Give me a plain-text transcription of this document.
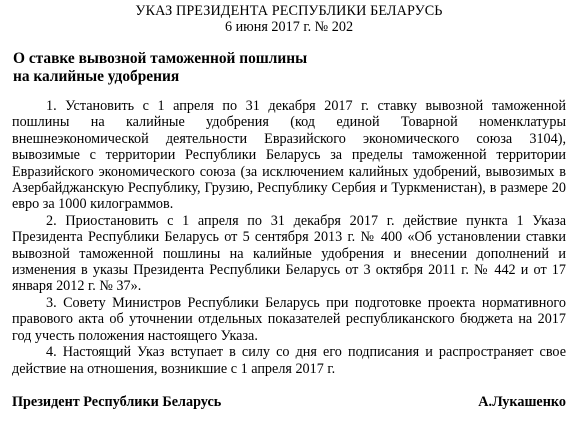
УКАЗ ПРЕЗИДЕНТА РЕСПУБЛИКИ БЕЛАРУСЬ
6 июня 2017 г. № 202
О ставке вывозной таможенной пошлины
на калийные удобрения

1. Установить с 1 апреля по 31 декабря 2017 г. ставку вывозной таможенной пошлины на калийные удобрения (код единой Товарной номенклатуры внешнеэкономической деятельности Евразийского экономического союза 3104), вывозимые с территории Республики Беларусь за пределы таможенной территории Евразийского экономического союза (за исключением калийных удобрений, вывозимых в Азербайджанскую Республику, Грузию, Республику Сербия и Туркменистан), в размере 20 евро за 1000 килограммов.

2. Приостановить с 1 апреля по 31 декабря 2017 г. действие пункта 1 Указа Президента Республики Беларусь от 5 сентября 2013 г. № 400 «Об установлении ставки вывозной таможенной пошлины на калийные удобрения и внесении дополнений и изменения в указы Президента Республики Беларусь от 3 октября 2011 г. № 442 и от 17 января 2012 г. № 37».

3. Совету Министров Республики Беларусь при подготовке проекта нормативного правового акта об уточнении отдельных показателей республиканского бюджета на 2017 год учесть положения настоящего Указа.

4. Настоящий Указ вступает в силу со дня его подписания и распространяет свое действие на отношения, возникшие с 1 апреля 2017 г.

Президент Республики Беларусь	А.Лукашенко
